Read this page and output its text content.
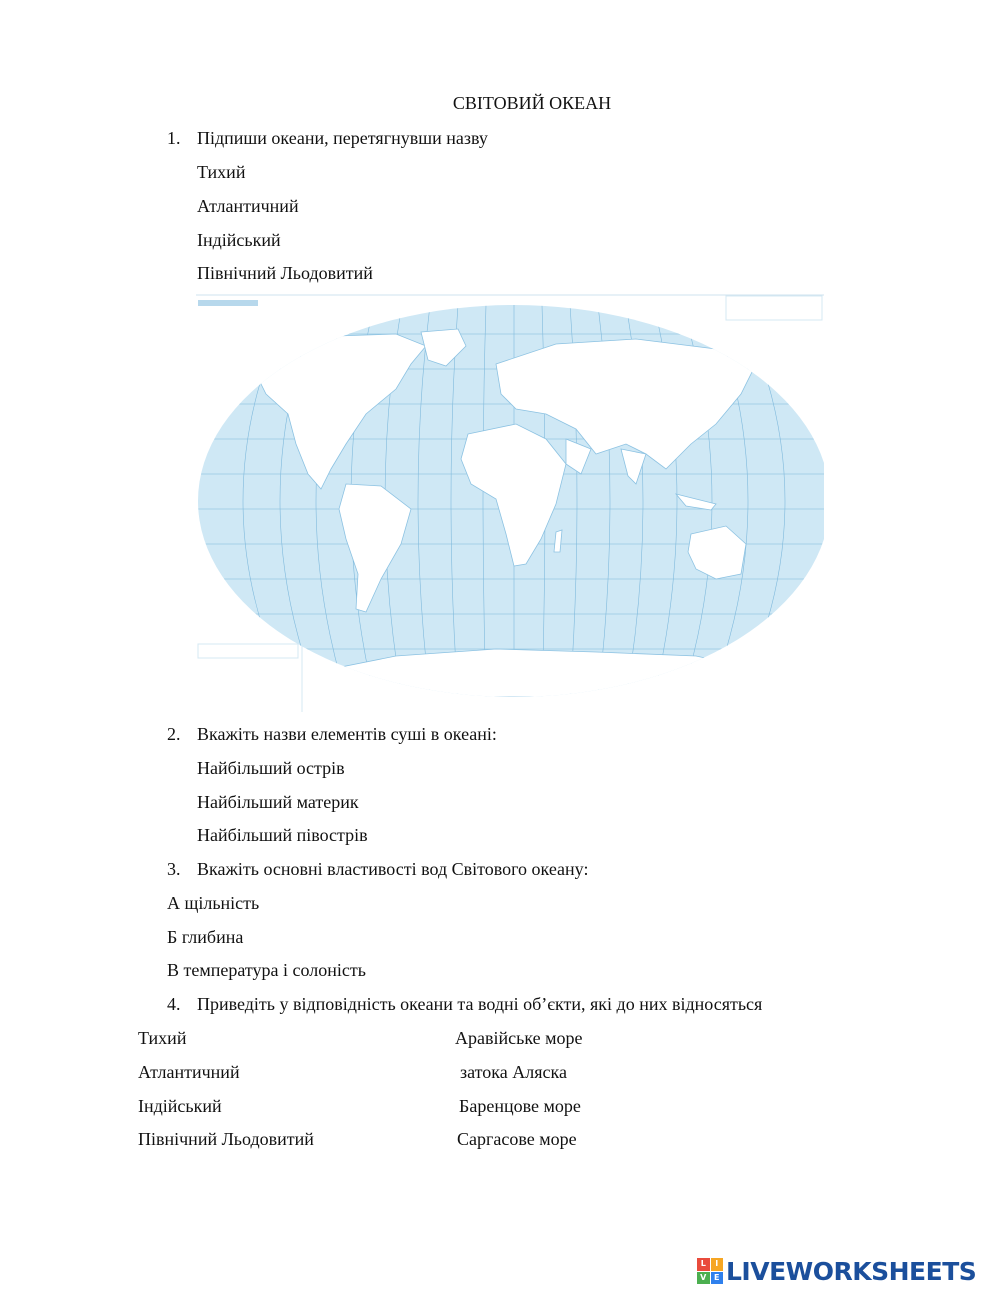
СВІТОВИЙ ОКЕАН
1. Підпиши океани, перетягнувши назву
Тихий
Атлантичний
Індійський
Північний Льодовитий
2. Вкажіть назви елементів суші в океані:
Найбільший острів
Найбільший материк
Найбільший півострів
3. Вкажіть основні властивості вод Світового океану:
А щільність
Б глибина
В температура і солоність
4. Приведіть у відповідність океани та водні об’єкти, які до них відносяться
Тихий
Атлантичний
Індійський
Північний Льодовитий
Аравійське море
затока Аляска
Баренцове море
Саргасове море
L	I
V E LIVEWORKSHEETS
